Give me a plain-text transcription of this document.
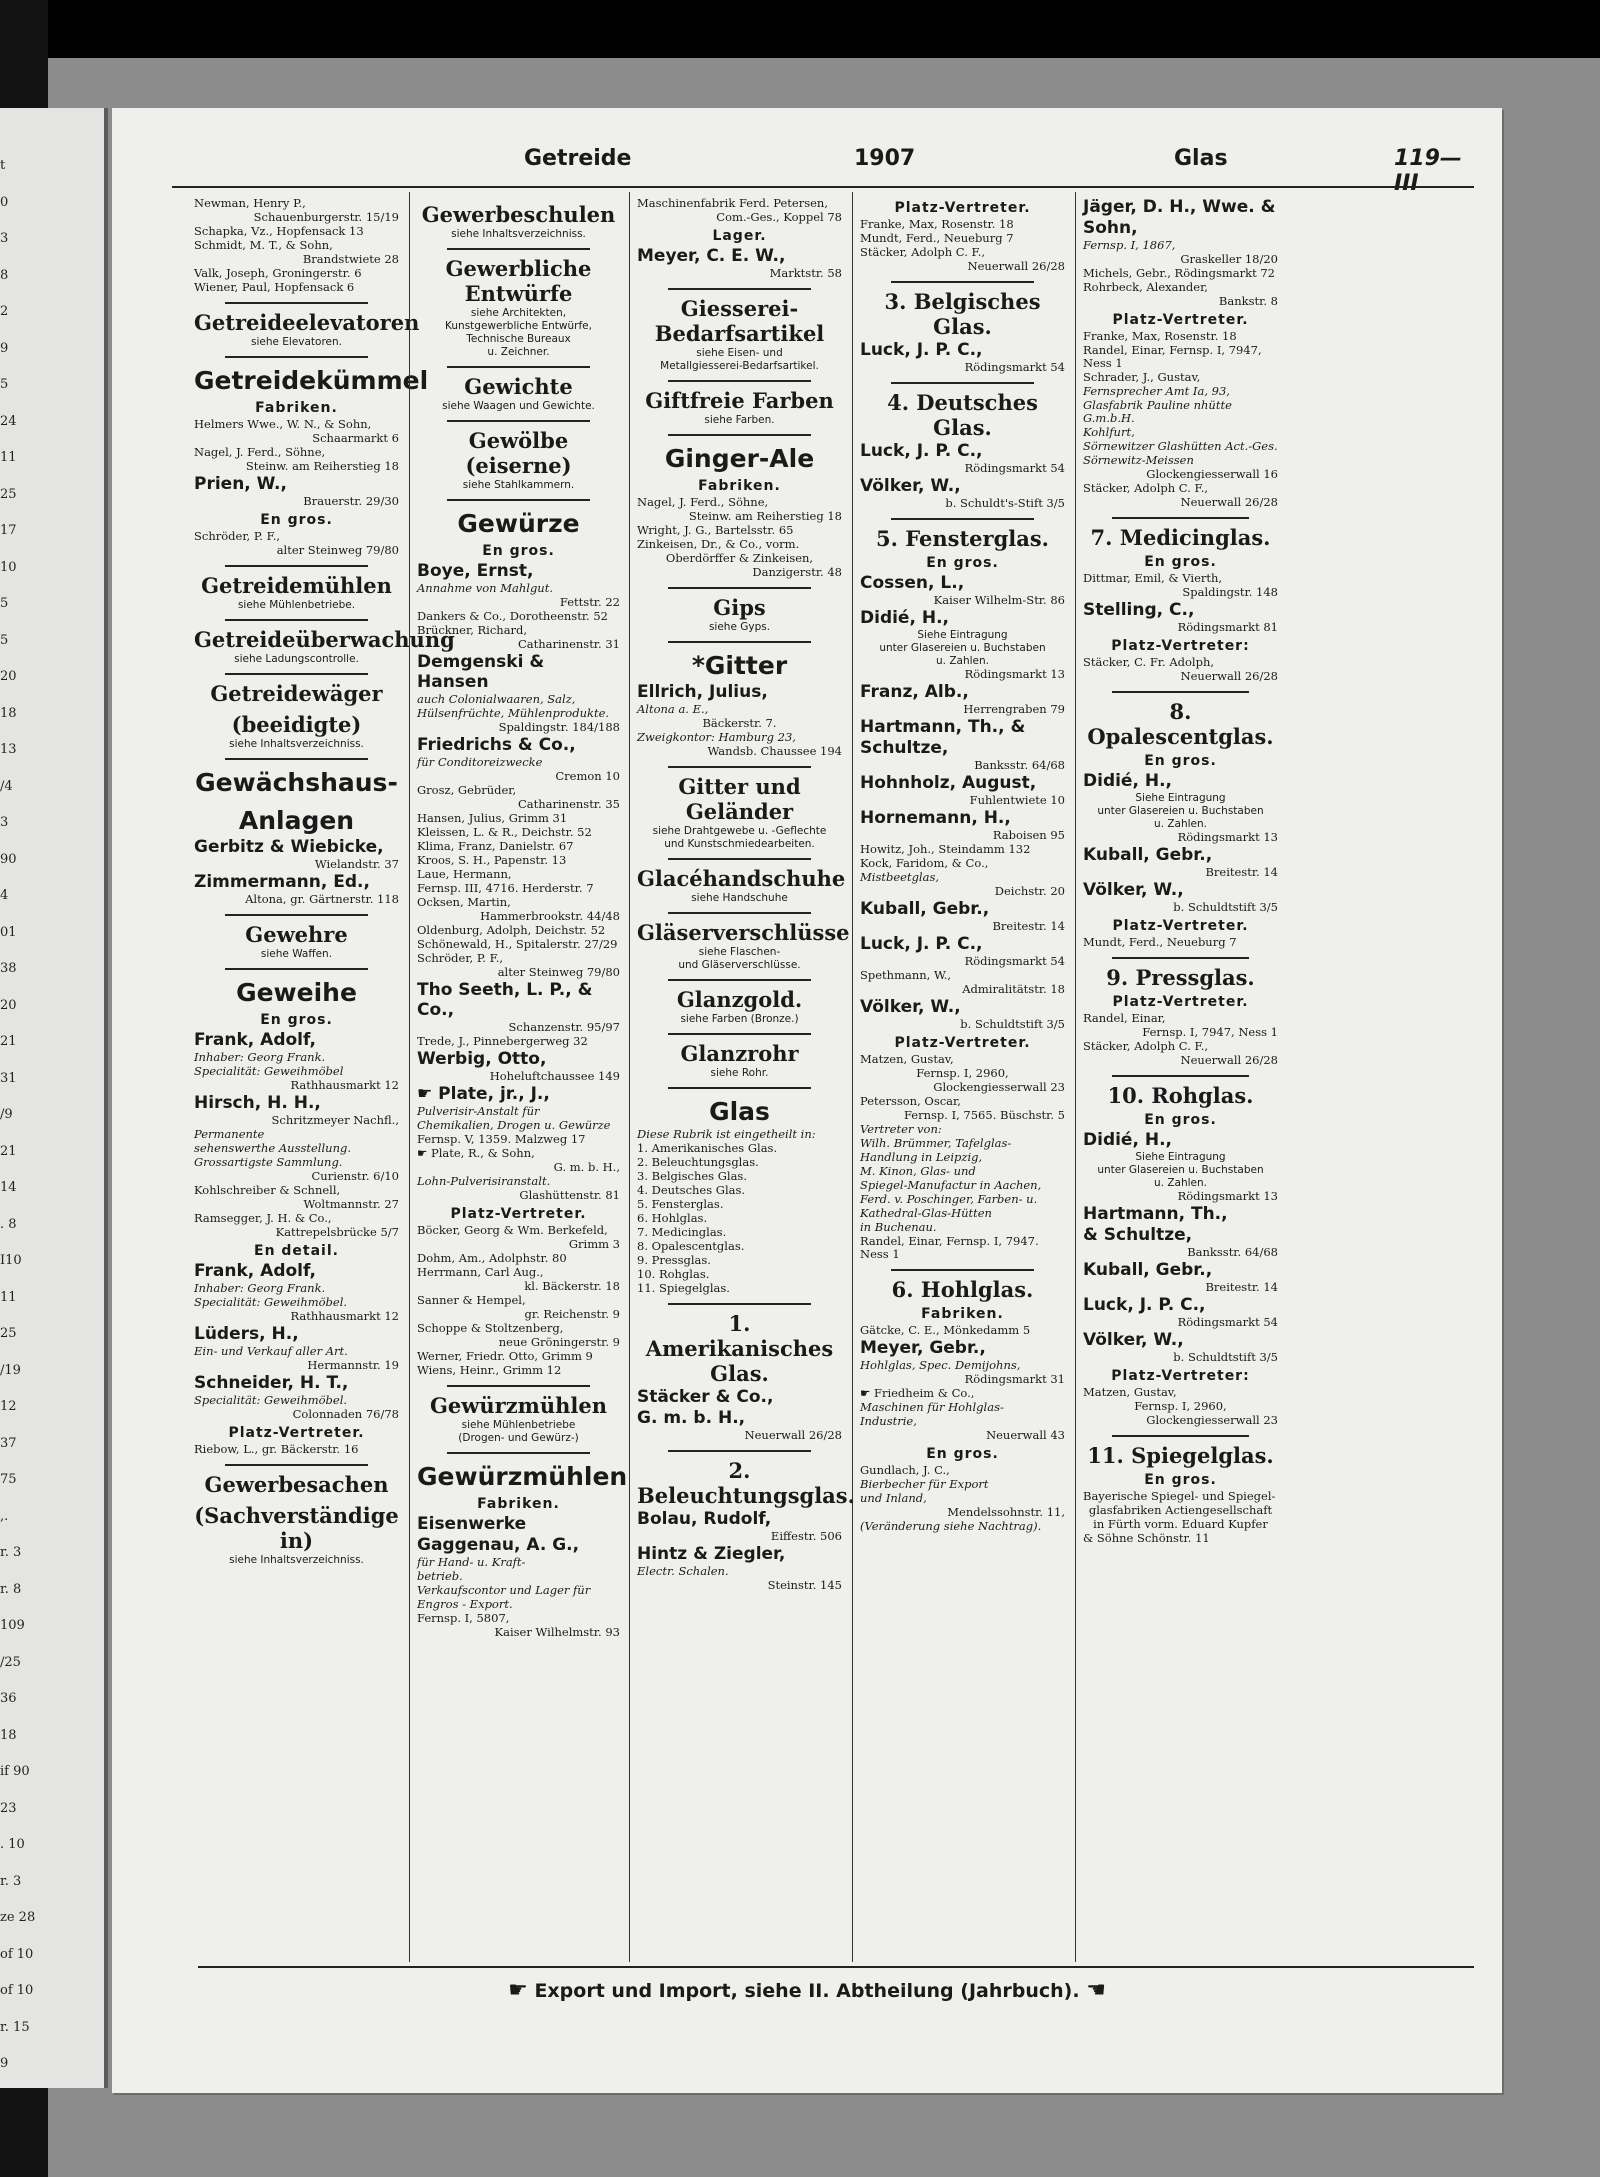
t
0
3
8
2
9
5
24
11
25
17
10
5
5
20
18
13
/4
3
90
4
01
38
20
21
31
/9
21
14
. 8
I10
11
25
/19
12
37
75
,.
r. 3
r. 8
109
/25
36
18
if 90
23
. 10
r. 3
ze 28
of 10
of 10
r. 15
9
Getreide	1907	Glas	119—III
Newman, Henry P.,
Schauenburgerstr. 15/19
Schapka, Vz., Hopfensack 13
Schmidt, M. T., & Sohn,
Brandstwiete 28
Valk, Joseph, Groningerstr. 6
Wiener, Paul, Hopfensack 6
Getreideelevatoren
siehe Elevatoren.
Getreidekümmel
Fabriken.
Helmers Wwe., W. N., & Sohn,
Schaarmarkt 6
Nagel, J. Ferd., Söhne,
Steinw. am Reiherstieg 18
Prien, W.,
Brauerstr. 29/30
En gros.
Schröder, P. F.,
alter Steinweg 79/80
Getreidemühlen
siehe Mühlenbetriebe.
Getreideüberwachung
siehe Ladungscontrolle.
Getreidewäger
(beeidigte)
siehe Inhaltsverzeichniss.
Gewächshaus-
Anlagen
Gerbitz & Wiebicke,
Wielandstr. 37
Zimmermann, Ed.,
Altona, gr. Gärtnerstr. 118
Gewehre
siehe Waffen.
Geweihe
En gros.
Frank, Adolf,
Inhaber: Georg Frank.
Specialität: Geweihmöbel
Rathhausmarkt 12
Hirsch, H. H.,
Schritzmeyer Nachfl.,
Permanente
sehenswerthe Ausstellung.
Grossartigste Sammlung.
Curienstr. 6/10
Kohlschreiber & Schnell,
Woltmannstr. 27
Ramsegger, J. H. & Co.,
Kattrepelsbrücke 5/7
En detail.
Frank, Adolf,
Inhaber: Georg Frank.
Specialität: Geweihmöbel.
Rathhausmarkt 12
Lüders, H.,
Ein- und Verkauf aller Art.
Hermannstr. 19
Schneider, H. T.,
Specialität: Geweihmöbel.
Colonnaden 76/78
Platz-Vertreter.
Riebow, L., gr. Bäckerstr. 16
Gewerbesachen
(Sachverständige in)
siehe Inhaltsverzeichniss.
Gewerbeschulen
siehe Inhaltsverzeichniss.
Gewerbliche Entwürfe
siehe Architekten,
Kunstgewerbliche Entwürfe,
Technische Bureaux
u. Zeichner.
Gewichte
siehe Waagen und Gewichte.
Gewölbe (eiserne)
siehe Stahlkammern.
Gewürze
En gros.
Boye, Ernst,
Annahme von Mahlgut.
Fettstr. 22
Dankers & Co., Dorotheenstr. 52
Brückner, Richard,
Catharinenstr. 31
Demgenski & Hansen
auch Colonialwaaren, Salz,
Hülsenfrüchte, Mühlenprodukte.
Spaldingstr. 184/188
Friedrichs & Co.,
für Conditoreizwecke
Cremon 10
Grosz, Gebrüder,
Catharinenstr. 35
Hansen, Julius, Grimm 31
Kleissen, L. & R., Deichstr. 52
Klima, Franz, Danielstr. 67
Kroos, S. H., Papenstr. 13
Laue, Hermann,
Fernsp. III, 4716. Herderstr. 7
Ocksen, Martin,
Hammerbrookstr. 44/48
Oldenburg, Adolph, Deichstr. 52
Schönewald, H., Spitalerstr. 27/29
Schröder, P. F.,
alter Steinweg 79/80
Tho Seeth, L. P., & Co.,
Schanzenstr. 95/97
Trede, J., Pinnebergerweg 32
Werbig, Otto,
Hoheluftchaussee 149
☛ Plate, jr., J.,
Pulverisir-Anstalt für
Chemikalien, Drogen u. Gewürze
Fernsp. V, 1359. Malzweg 17
☛ Plate, R., & Sohn,
G. m. b. H.,
Lohn-Pulverisiranstalt.
Glashüttenstr. 81
Platz-Vertreter.
Böcker, Georg & Wm. Berkefeld,
Grimm 3
Dohm, Am., Adolphstr. 80
Herrmann, Carl Aug.,
kl. Bäckerstr. 18
Sanner & Hempel,
gr. Reichenstr. 9
Schoppe & Stoltzenberg,
neue Gröningerstr. 9
Werner, Friedr. Otto, Grimm 9
Wiens, Heinr., Grimm 12
Gewürzmühlen
siehe Mühlenbetriebe
(Drogen- und Gewürz-)
Gewürzmühlen
Fabriken.
Eisenwerke
Gaggenau, A. G.,
für Hand- u. Kraft-
betrieb.
Verkaufscontor und Lager für
Engros - Export.
Fernsp. I, 5807,
Kaiser Wilhelmstr. 93
Maschinenfabrik Ferd. Petersen,
Com.-Ges., Koppel 78
Lager.
Meyer, C. E. W.,
Marktstr. 58
Giesserei-Bedarfsartikel
siehe Eisen- und
Metallgiesserei-Bedarfsartikel.
Giftfreie Farben
siehe Farben.
Ginger-Ale
Fabriken.
Nagel, J. Ferd., Söhne,
Steinw. am Reiherstieg 18
Wright, J. G., Bartelsstr. 65
Zinkeisen, Dr., & Co., vorm.
Oberdörffer & Zinkeisen,
Danzigerstr. 48
Gips
siehe Gyps.
*Gitter
Ellrich, Julius,
Altona a. E.,
Bäckerstr. 7.
Zweigkontor: Hamburg 23,
Wandsb. Chaussee 194
Gitter und Geländer
siehe Drahtgewebe u. -Geflechte
und Kunstschmiedearbeiten.
Glacéhandschuhe
siehe Handschuhe
Gläserverschlüsse
siehe Flaschen-
und Gläserverschlüsse.
Glanzgold.
siehe Farben (Bronze.)
Glanzrohr
siehe Rohr.
Glas
Diese Rubrik ist eingetheilt in:
1. Amerikanisches Glas.
2. Beleuchtungsglas.
3. Belgisches Glas.
4. Deutsches Glas.
5. Fensterglas.
6. Hohlglas.
7. Medicinglas.
8. Opalescentglas.
9. Pressglas.
10. Rohglas.
11. Spiegelglas.
1. Amerikanisches Glas.
Stäcker & Co.,
G. m. b. H.,
Neuerwall 26/28
2. Beleuchtungsglas.
Bolau, Rudolf,
Eiffestr. 506
Hintz & Ziegler,
Electr. Schalen.
Steinstr. 145
Platz-Vertreter.
Franke, Max, Rosenstr. 18
Mundt, Ferd., Neueburg 7
Stäcker, Adolph C. F.,
Neuerwall 26/28
3. Belgisches Glas.
Luck, J. P. C.,
Rödingsmarkt 54
4. Deutsches Glas.
Luck, J. P. C.,
Rödingsmarkt 54
Völker, W.,
b. Schuldt's-Stift 3/5
5. Fensterglas.
En gros.
Cossen, L.,
Kaiser Wilhelm-Str. 86
Didié, H.,
Siehe Eintragung
unter Glasereien u. Buchstaben
u. Zahlen.
Rödingsmarkt 13
Franz, Alb.,
Herrengraben 79
Hartmann, Th., &
Schultze,
Banksstr. 64/68
Hohnholz, August,
Fuhlentwiete 10
Hornemann, H.,
Raboisen 95
Howitz, Joh., Steindamm 132
Kock, Faridom, & Co.,
Mistbeetglas,
Deichstr. 20
Kuball, Gebr.,
Breitestr. 14
Luck, J. P. C.,
Rödingsmarkt 54
Spethmann, W.,
Admiralitätstr. 18
Völker, W.,
b. Schuldtstift 3/5
Platz-Vertreter.
Matzen, Gustav,
Fernsp. I, 2960,
Glockengiesserwall 23
Petersson, Oscar,
Fernsp. I, 7565. Büschstr. 5
Vertreter von:
Wilh. Brümmer, Tafelglas-
Handlung in Leipzig,
M. Kinon, Glas- und
Spiegel-Manufactur in Aachen,
Ferd. v. Poschinger, Farben- u.
Kathedral-Glas-Hütten
in Buchenau.
Randel, Einar, Fernsp. I, 7947. Ness 1
6. Hohlglas.
Fabriken.
Gätcke, C. E., Mönkedamm 5
Meyer, Gebr.,
Hohlglas, Spec. Demijohns,
Rödingsmarkt 31
☛ Friedheim & Co.,
Maschinen für Hohlglas-
Industrie,
Neuerwall 43
En gros.
Gundlach, J. C.,
Bierbecher für Export
und Inland,
Mendelssohnstr. 11,
(Veränderung siehe Nachtrag).
Jäger, D. H., Wwe. &
Sohn,
Fernsp. I, 1867,
Graskeller 18/20
Michels, Gebr., Rödingsmarkt 72
Rohrbeck, Alexander,
Bankstr. 8
Platz-Vertreter.
Franke, Max, Rosenstr. 18
Randel, Einar, Fernsp. I, 7947, Ness 1
Schrader, J., Gustav,
Fernsprecher Amt Ia, 93,
Glasfabrik Pauline nhütte G.m.b.H.
Kohlfurt,
Sörnewitzer Glashütten Act.-Ges.
Sörnewitz-Meissen
Glockengiesserwall 16
Stäcker, Adolph C. F.,
Neuerwall 26/28
7. Medicinglas.
En gros.
Dittmar, Emil, & Vierth,
Spaldingstr. 148
Stelling, C.,
Rödingsmarkt 81
Platz-Vertreter:
Stäcker, C. Fr. Adolph,
Neuerwall 26/28
8. Opalescentglas.
En gros.
Didié, H.,
Siehe Eintragung
unter Glasereien u. Buchstaben
u. Zahlen.
Rödingsmarkt 13
Kuball, Gebr.,
Breitestr. 14
Völker, W.,
b. Schuldtstift 3/5
Platz-Vertreter.
Mundt, Ferd., Neueburg 7
9. Pressglas.
Platz-Vertreter.
Randel, Einar,
Fernsp. I, 7947, Ness 1
Stäcker, Adolph C. F.,
Neuerwall 26/28
10. Rohglas.
En gros.
Didié, H.,
Siehe Eintragung
unter Glasereien u. Buchstaben
u. Zahlen.
Rödingsmarkt 13
Hartmann, Th.,
& Schultze,
Banksstr. 64/68
Kuball, Gebr.,
Breitestr. 14
Luck, J. P. C.,
Rödingsmarkt 54
Völker, W.,
b. Schuldtstift 3/5
Platz-Vertreter:
Matzen, Gustav,
Fernsp. I, 2960,
Glockengiesserwall 23
11. Spiegelglas.
En gros.
Bayerische Spiegel- und Spiegel-
glasfabriken Actiengesellschaft
in Fürth vorm. Eduard Kupfer
& Söhne Schönstr. 11
☛ Export und Import, siehe II. Abtheilung (Jahrbuch). ☚
